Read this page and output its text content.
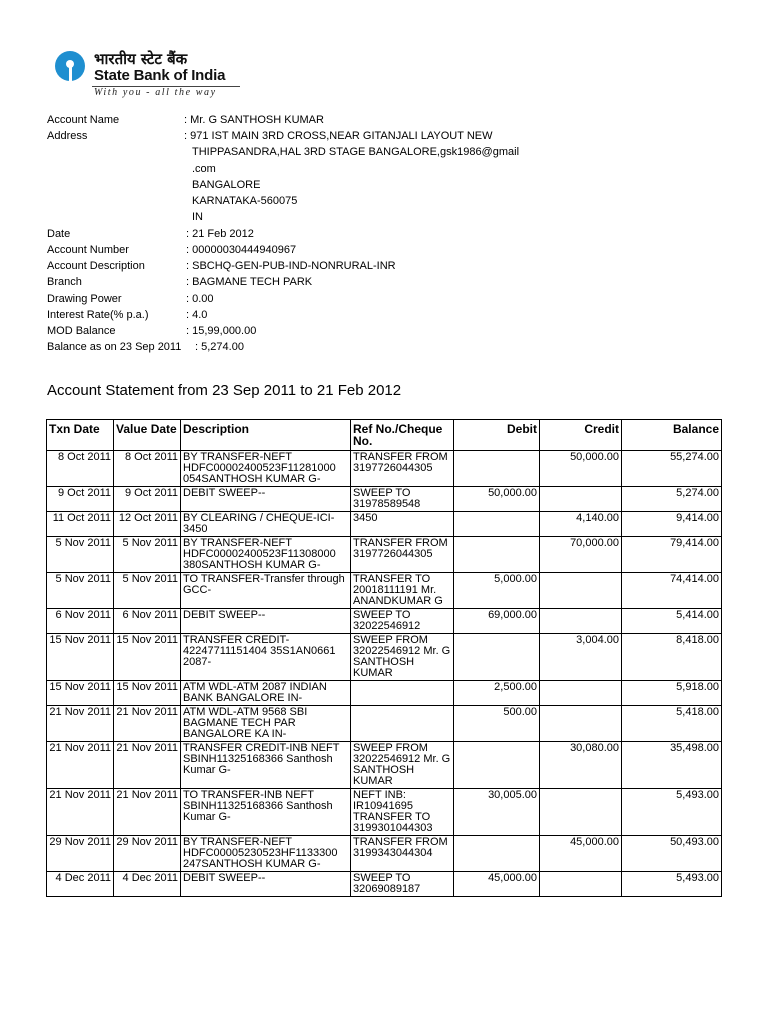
भारतीय स्टेट बैंक
State Bank of India
With you - all the way
Account Name	: Mr. G SANTHOSH KUMAR
Address	: 971 IST MAIN 3RD CROSS,NEAR GITANJALI LAYOUT NEW
THIPPASANDRA,HAL 3RD STAGE BANGALORE,gsk1986@gmail
.com
BANGALORE
KARNATAKA-560075
IN
Date	: 21 Feb 2012
Account Number	: 00000030444940967
Account Description	: SBCHQ-GEN-PUB-IND-NONRURAL-INR
Branch	: BAGMANE TECH PARK
Drawing Power	: 0.00
Interest Rate(% p.a.)	: 4.0
MOD Balance	: 15,99,000.00
Balance as on 23 Sep 2011 : 5,274.00
Account Statement from 23 Sep 2011 to 21 Feb 2012
Txn Date	Value Date	Description	Ref No./Cheque No.	Debit	Credit	Balance
8 Oct 2011	8 Oct 2011	BY TRANSFER-NEFT HDFC00002400523F11281000 054SANTHOSH KUMAR G-	TRANSFER FROM 3197726044305		50,000.00	55,274.00
9 Oct 2011	9 Oct 2011	DEBIT SWEEP--	SWEEP TO 31978589548	50,000.00		5,274.00
11 Oct 2011	12 Oct 2011	BY CLEARING / CHEQUE-ICI-3450	3450		4,140.00	9,414.00
5 Nov 2011	5 Nov 2011	BY TRANSFER-NEFT HDFC00002400523F11308000 380SANTHOSH KUMAR G-	TRANSFER FROM 3197726044305		70,000.00	79,414.00
5 Nov 2011	5 Nov 2011	TO TRANSFER-Transfer through GCC-	TRANSFER TO 20018111191 Mr. ANANDKUMAR G	5,000.00		74,414.00
6 Nov 2011	6 Nov 2011	DEBIT SWEEP--	SWEEP TO 32022546912	69,000.00		5,414.00
15 Nov 2011	15 Nov 2011	TRANSFER CREDIT-42247711151404 35S1AN0661 2087-	SWEEP FROM 32022546912 Mr. G SANTHOSH KUMAR		3,004.00	8,418.00
15 Nov 2011	15 Nov 2011	ATM WDL-ATM 2087 INDIAN BANK BANGALORE IN-		2,500.00		5,918.00
21 Nov 2011	21 Nov 2011	ATM WDL-ATM 9568 SBI BAGMANE TECH PAR BANGALORE KA IN-		500.00		5,418.00
21 Nov 2011	21 Nov 2011	TRANSFER CREDIT-INB NEFT SBINH11325168366 Santhosh Kumar G-	SWEEP FROM 32022546912 Mr. G SANTHOSH KUMAR		30,080.00	35,498.00
21 Nov 2011	21 Nov 2011	TO TRANSFER-INB NEFT SBINH11325168366 Santhosh Kumar G-	NEFT INB: IR10941695 TRANSFER TO 3199301044303	30,005.00		5,493.00
29 Nov 2011	29 Nov 2011	BY TRANSFER-NEFT HDFC00005230523HF1133300 247SANTHOSH KUMAR G-	TRANSFER FROM 3199343044304		45,000.00	50,493.00
4 Dec 2011	4 Dec 2011	DEBIT SWEEP--	SWEEP TO 32069089187	45,000.00		5,493.00
